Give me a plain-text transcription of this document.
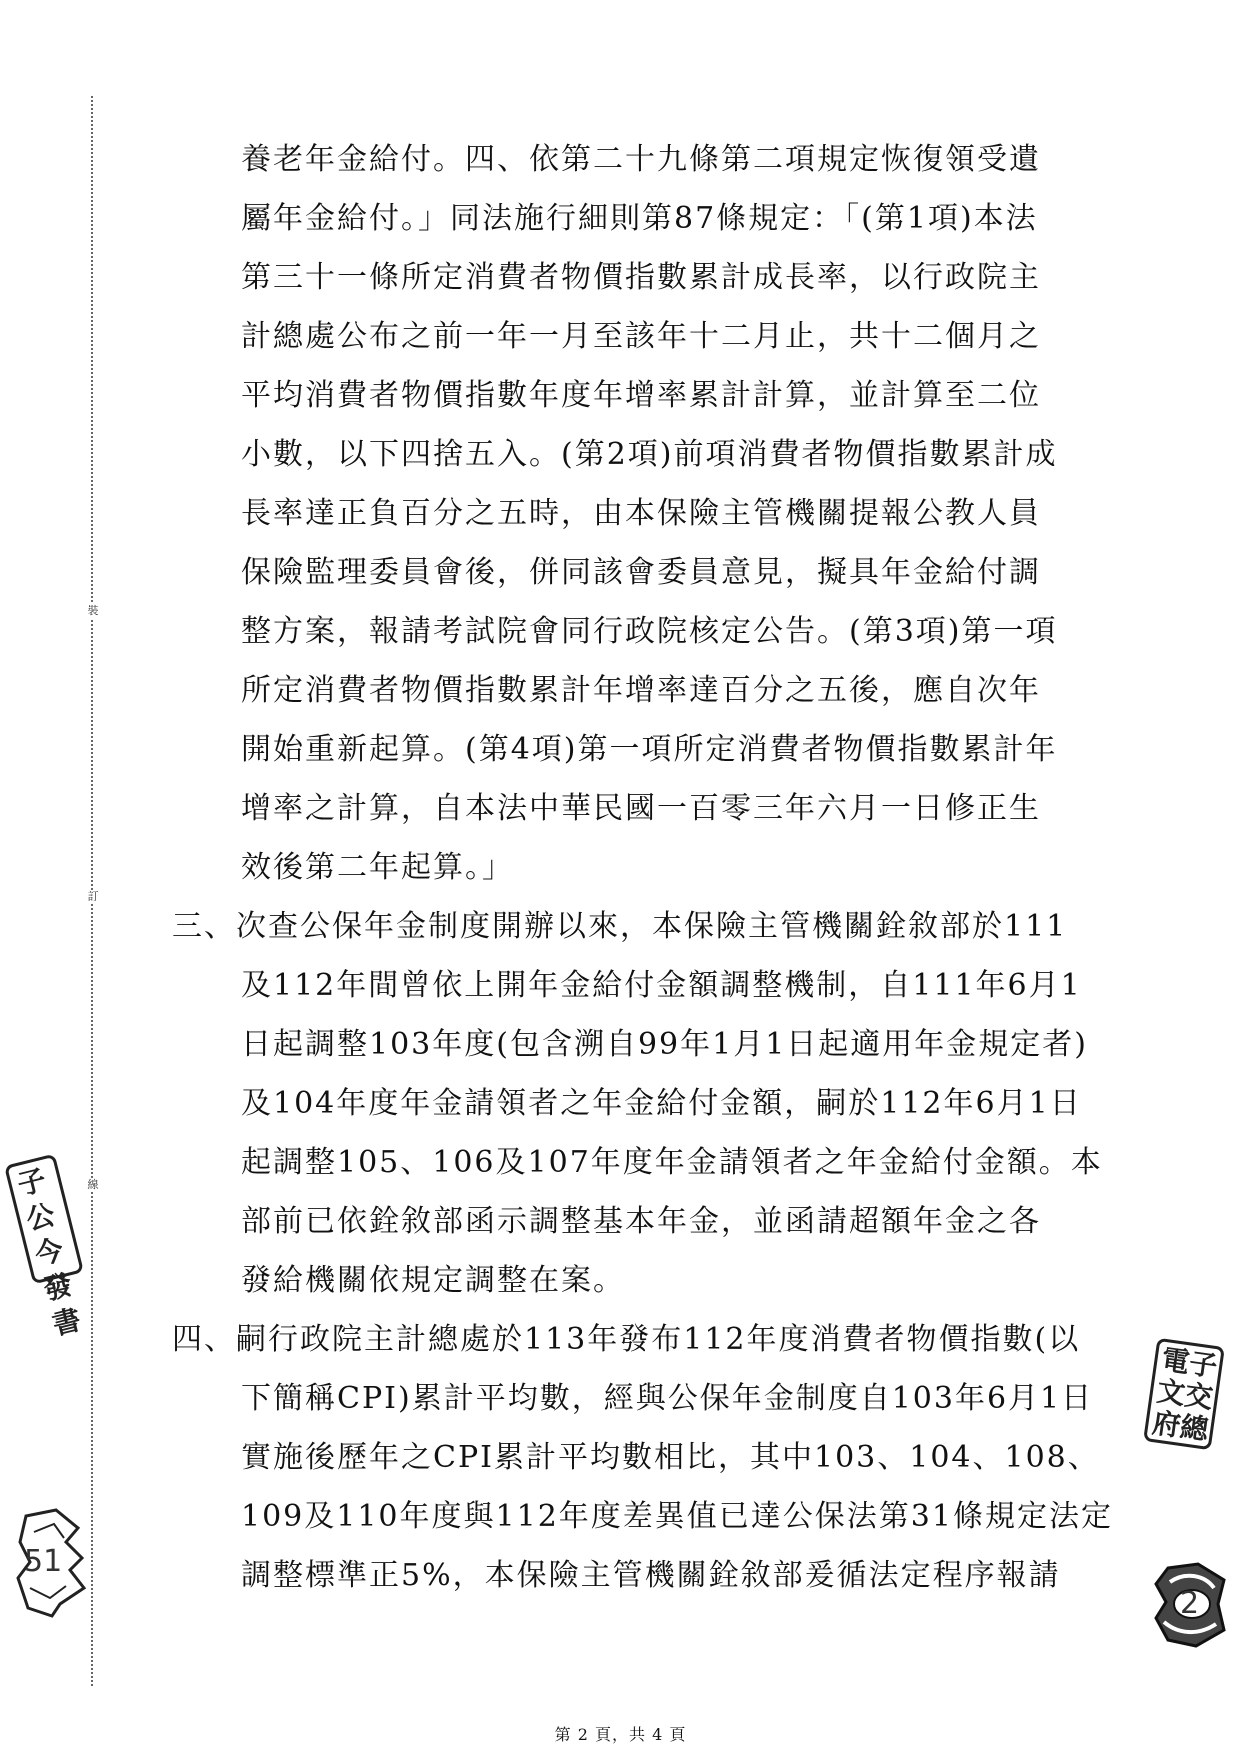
裝
訂
線
養老年金給付。四、依第二十九條第二項規定恢復領受遺
屬年金給付。」同法施行細則第87條規定：「(第1項)本法
第三十一條所定消費者物價指數累計成長率，以行政院主
計總處公布之前一年一月至該年十二月止，共十二個月之
平均消費者物價指數年度年增率累計計算，並計算至二位
小數，以下四捨五入。(第2項)前項消費者物價指數累計成
長率達正負百分之五時，由本保險主管機關提報公教人員
保險監理委員會後，併同該會委員意見，擬具年金給付調
整方案，報請考試院會同行政院核定公告。(第3項)第一項
所定消費者物價指數累計年增率達百分之五後，應自次年
開始重新起算。(第4項)第一項所定消費者物價指數累計年
增率之計算，自本法中華民國一百零三年六月一日修正生
效後第二年起算。」
三、次查公保年金制度開辦以來，本保險主管機關銓敘部於111
及112年間曾依上開年金給付金額調整機制，自111年6月1
日起調整103年度(包含溯自99年1月1日起適用年金規定者)
及104年度年金請領者之年金給付金額，嗣於112年6月1日
起調整105、106及107年度年金請領者之年金給付金額。本
部前已依銓敘部函示調整基本年金，並函請超額年金之各
發給機關依規定調整在案。
四、嗣行政院主計總處於113年發布112年度消費者物價指數(以
下簡稱CPI)累計平均數，經與公保年金制度自103年6月1日
實施後歷年之CPI累計平均數相比，其中103、104、108、
109及110年度與112年度差異值已達公保法第31條規定法定
調整標準正5%，本保險主管機關銓敘部爰循法定程序報請
子公
今發
書
電子
文交
府總
51
2
第 2 頁，共 4 頁
